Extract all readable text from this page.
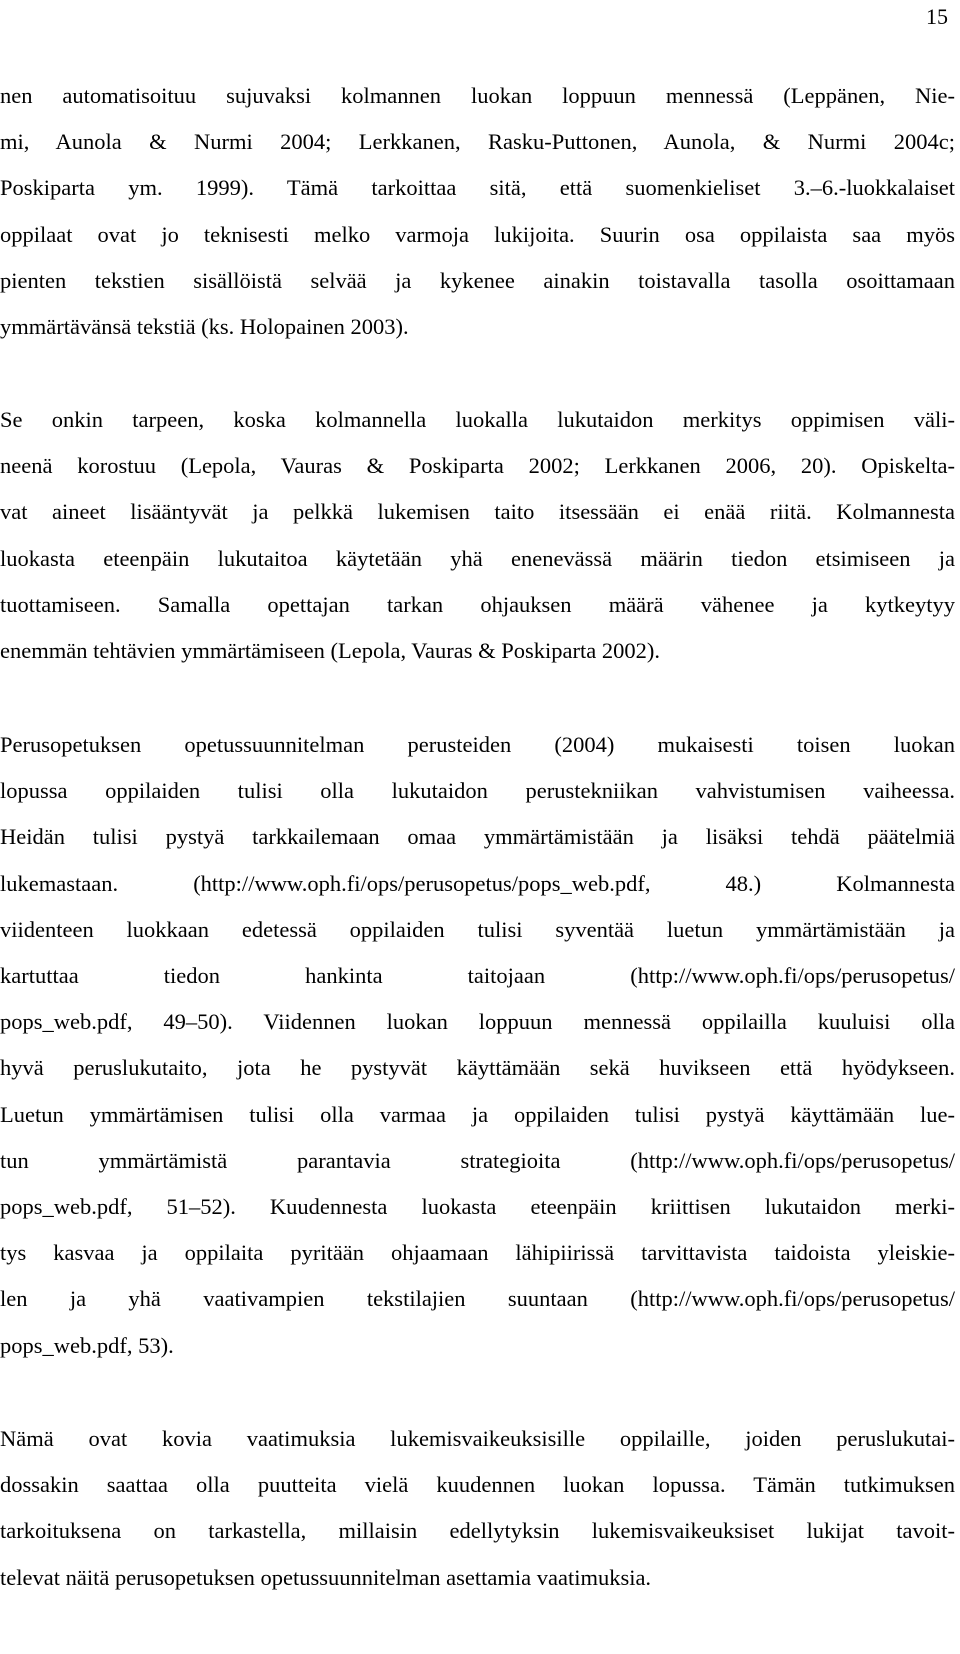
15
nen automatisoituu sujuvaksi kolmannen luokan loppuun mennessä (Leppänen, Nie-
mi, Aunola & Nurmi 2004; Lerkkanen, Rasku-Puttonen, Aunola, & Nurmi 2004c;
Poskiparta ym. 1999). Tämä tarkoittaa sitä, että suomenkieliset 3.–6.-luokkalaiset
oppilaat ovat jo teknisesti melko varmoja lukijoita. Suurin osa oppilaista saa myös
pienten tekstien sisällöistä selvää ja kykenee ainakin toistavalla tasolla osoittamaan
ymmärtävänsä tekstiä (ks. Holopainen 2003).
Se onkin tarpeen, koska kolmannella luokalla lukutaidon merkitys oppimisen väli-
neenä korostuu (Lepola, Vauras & Poskiparta 2002; Lerkkanen 2006, 20). Opiskelta-
vat aineet lisääntyvät ja pelkkä lukemisen taito itsessään ei enää riitä. Kolmannesta
luokasta eteenpäin lukutaitoa käytetään yhä enenevässä määrin tiedon etsimiseen ja
tuottamiseen. Samalla opettajan tarkan ohjauksen määrä vähenee ja kytkeytyy
enemmän tehtävien ymmärtämiseen (Lepola, Vauras & Poskiparta 2002).
Perusopetuksen opetussuunnitelman perusteiden (2004) mukaisesti toisen luokan
lopussa oppilaiden tulisi olla lukutaidon perustekniikan vahvistumisen vaiheessa.
Heidän tulisi pystyä tarkkailemaan omaa ymmärtämistään ja lisäksi tehdä päätelmiä
lukemastaan. (http://www.oph.fi/ops/perusopetus/pops_web.pdf, 48.) Kolmannesta
viidenteen luokkaan edetessä oppilaiden tulisi syventää luetun ymmärtämistään ja
kartuttaa tiedon hankinta taitojaan (http://www.oph.fi/ops/perusopetus/
pops_web.pdf, 49–50). Viidennen luokan loppuun mennessä oppilailla kuuluisi olla
hyvä peruslukutaito, jota he pystyvät käyttämään sekä huvikseen että hyödykseen.
Luetun ymmärtämisen tulisi olla varmaa ja oppilaiden tulisi pystyä käyttämään lue-
tun ymmärtämistä parantavia strategioita (http://www.oph.fi/ops/perusopetus/
pops_web.pdf, 51–52). Kuudennesta luokasta eteenpäin kriittisen lukutaidon merki-
tys kasvaa ja oppilaita pyritään ohjaamaan lähipiirissä tarvittavista taidoista yleiskie-
len ja yhä vaativampien tekstilajien suuntaan (http://www.oph.fi/ops/perusopetus/
pops_web.pdf, 53).
Nämä ovat kovia vaatimuksia lukemisvaikeuksisille oppilaille, joiden peruslukutai-
dossakin saattaa olla puutteita vielä kuudennen luokan lopussa. Tämän tutkimuksen
tarkoituksena on tarkastella, millaisin edellytyksin lukemisvaikeuksiset lukijat tavoit-
televat näitä perusopetuksen opetussuunnitelman asettamia vaatimuksia.
